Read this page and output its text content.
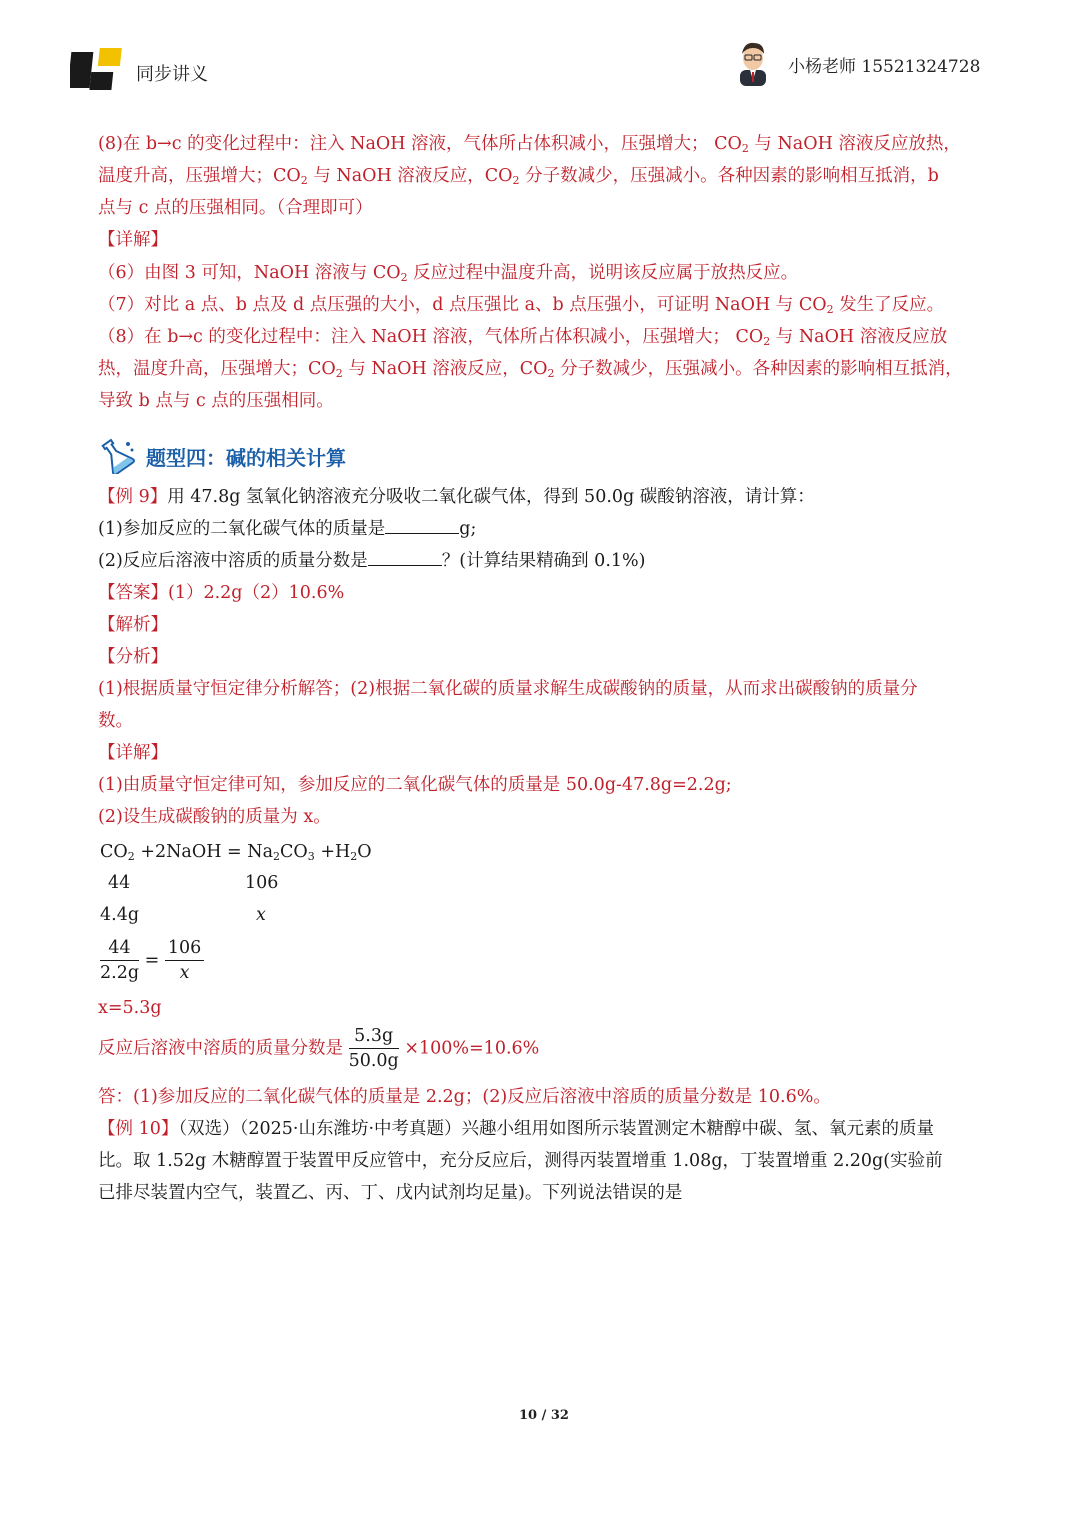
同步讲义	小杨老师 15521324728
(8)在 b→c 的变化过程中：注入 NaOH 溶液，气体所占体积减小，压强增大； $CO_2$ 与 NaOH 溶液反应放热，
温度升高，压强增大；$CO_2$ 与 NaOH 溶液反应，$CO_2$ 分子数减少，压强减小。各种因素的影响相互抵消，b
点与 c 点的压强相同。（合理即可）
【详解】
（6）由图 3 可知，NaOH 溶液与 $CO_2$ 反应过程中温度升高，说明该反应属于放热反应。
（7）对比 a 点、b 点及 d 点压强的大小，d 点压强比 a、b 点压强小，可证明 NaOH 与 $CO_2$ 发生了反应。
（8）在 b→c 的变化过程中：注入 NaOH 溶液，气体所占体积减小，压强增大； $CO_2$ 与 NaOH 溶液反应放
热，温度升高，压强增大；$CO_2$ 与 NaOH 溶液反应，$CO_2$ 分子数减少，压强减小。各种因素的影响相互抵消，
导致 b 点与 c 点的压强相同。
题型四：碱的相关计算
【例 9】用 47.8g 氢氧化钠溶液充分吸收二氧化碳气体，得到 50.0g 碳酸钠溶液，请计算：
(1)参加反应的二氧化碳气体的质量是	g;
(2)反应后溶液中溶质的质量分数是	？(计算结果精确到 0.1%)
【答案】(1）2.2g（2）10.6%
【解析】
【分析】
(1)根据质量守恒定律分析解答；(2)根据二氧化碳的质量求解生成碳酸钠的质量，从而求出碳酸钠的质量分
数。
【详解】
(1)由质量守恒定律可知，参加反应的二氧化碳气体的质量是 50.0g-47.8g=2.2g;
(2)设生成碳酸钠的质量为 x。
$CO_2$ +2NaOH = $Na_2CO_3 +H_2O$
44	106
4.4g	x
$\frac{44}{2.2g} = \frac{106}{x}$
x=5.3g
反应后溶液中溶质的质量分数是 $\frac{5.3g}{50.0g} \times 100\%=10.6\%$
答：(1)参加反应的二氧化碳气体的质量是 2.2g；(2)反应后溶液中溶质的质量分数是 10.6%。
【例 10】（双选）（2025·山东潍坊·中考真题）兴趣小组用如图所示装置测定木糖醇中碳、氢、氧元素的质量
比。取 1.52g 木糖醇置于装置甲反应管中，充分反应后，测得丙装置增重 1.08g，丁装置增重 2.20g(实验前
已排尽装置内空气，装置乙、丙、丁、戊内试剂均足量)。下列说法错误的是
10 / 32
